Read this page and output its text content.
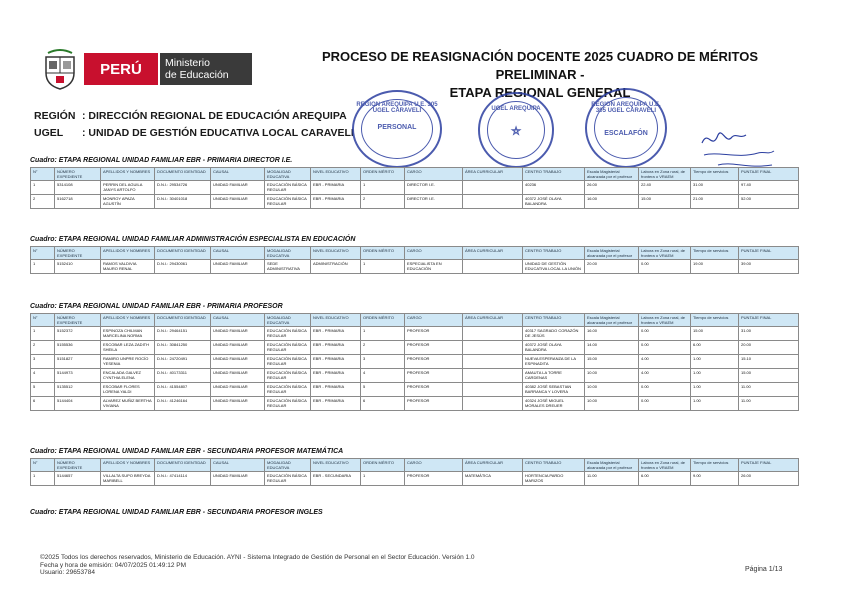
PERÚ	Ministerio
de Educación
PROCESO DE REASIGNACIÓN DOCENTE 2025 CUADRO DE MÉRITOS PRELIMINAR -
ETAPA REGIONAL GENERAL
REGIÓN : DIRECCIÓN REGIONAL DE EDUCACIÓN AREQUIPA
UGEL : UNIDAD DE GESTIÓN EDUCATIVA LOCAL CARAVELI
REGION AREQUIPA U.E. 305 UGEL CARAVELI
PERSONAL
UGEL AREQUIPA
⛤
REGION AREQUIPA U.E. 305 UGEL CARAVELI
ESCALAFÓN
Cuadro: ETAPA REGIONAL UNIDAD FAMILIAR EBR - PRIMARIA DIRECTOR I.E.
N°	NÚMERO EXPEDIENTE	APELLIDOS Y NOMBRES	DOCUMENTO IDENTIDAD	CAUSAL	MODALIDAD EDUCATIVA	NIVEL EDUCATIVO	ORDEN MÉRITO	CARGO	ÁREA CURRICULAR	CENTRO TRABAJO	Escala Magisterial alcanzada por el profesor	Labora en Zona rural, de frontera o VRAEM	Tiempo de servicios	PUNTAJE FINAL
1	5314108	PERRIN DEL AGUILA JANYS ARTOLFO	D.N.I.: 29534726	UNIDAD FAMILIAR	EDUCACIÓN BÁSICA REGULAR	EBR - PRIMARIA	1	DIRECTOR I.E.		40236	26.00	22.40	31.00	97.40
2	5162718	MONROY APAZA AGUSTÍN	D.N.I.: 30401018	UNIDAD FAMILIAR	EDUCACIÓN BÁSICA REGULAR	EBR - PRIMARIA	2	DIRECTOR I.E.		40372 JOSÉ OLAYA BALANDRA	16.00	15.00	21.00	52.00
Cuadro: ETAPA REGIONAL UNIDAD FAMILIAR ADMINISTRACIÓN ESPECIALISTA EN EDUCACIÓN
N°	NÚMERO EXPEDIENTE	APELLIDOS Y NOMBRES	DOCUMENTO IDENTIDAD	CAUSAL	MODALIDAD EDUCATIVA	NIVEL EDUCATIVO	ORDEN MÉRITO	CARGO	ÁREA CURRICULAR	CENTRO TRABAJO	Escala Magisterial alcanzada por el profesor	Labora en Zona rural, de frontera o VRAEM	Tiempo de servicios	PUNTAJE FINAL
1	5152410	RAMOS VALDIVIA MAURO RENAL	D.N.I.: 29430061	UNIDAD FAMILIAR	SEDE ADMINISTRATIVA	ADMINISTRACIÓN	1	ESPECIALISTA EN EDUCACIÓN		UNIDAD DE GESTIÓN EDUCATIVA LOCAL LA UNIÓN	20.00	0.00	19.00	39.00
Cuadro: ETAPA REGIONAL UNIDAD FAMILIAR EBR - PRIMARIA PROFESOR
N°	NÚMERO EXPEDIENTE	APELLIDOS Y NOMBRES	DOCUMENTO IDENTIDAD	CAUSAL	MODALIDAD EDUCATIVA	NIVEL EDUCATIVO	ORDEN MÉRITO	CARGO	ÁREA CURRICULAR	CENTRO TRABAJO	Escala Magisterial alcanzada por el profesor	Labora en Zona rural, de frontera o VRAEM	Tiempo de servicios	PUNTAJE FINAL
1	5152372	ESPINOZA CHILMAN MARCELINA NORMA	D.N.I.: 29464151	UNIDAD FAMILIAR	EDUCACIÓN BÁSICA REGULAR	EBR - PRIMARIA	1	PROFESOR		40317 SAGRADO CORAZÓN DE JESÚS	16.00	0.00	15.00	31.00
2	5155536	ESCOBAR LEZA ZADITH SHEILA	D.N.I.: 30841250	UNIDAD FAMILIAR	EDUCACIÓN BÁSICA REGULAR	EBR - PRIMARIA	2	PROFESOR		40372 JOSÉ OLAYA BALANDRA	14.00	0.00	6.00	20.00
3	5151827	RAMIRO UNPRE ROCÍO YESENIA	D.N.I.: 24720491	UNIDAD FAMILIAR	EDUCACIÓN BÁSICA REGULAR	EBR - PRIMARIA	3	PROFESOR		NUEVA ESPERANZA DE LA ESPINADITA	15.00	4.00	1.00	15.10
4	5144973	ENCALADA GALVEZ CYNTHIA ELENA	D.N.I.: 40173311	UNIDAD FAMILIAR	EDUCACIÓN BÁSICA REGULAR	EBR - PRIMARIA	4	PROFESOR		AMAUTA LA TORRE CARDENAS	10.00	4.00	1.00	15.00
5	5135512	ESCOBAR FLORES LORENA YALDI	D.N.I.: 41554807	UNIDAD FAMILIAR	EDUCACIÓN BÁSICA REGULAR	EBR - PRIMARIA	5	PROFESOR		40382 JOSÉ SEBASTIAN BARRANCA Y LOVERA	10.00	0.00	1.00	11.00
6	5144404	ALVAREZ MUÑIZ BERTHA VIVIANA	D.N.I.: 41246164	UNIDAD FAMILIAR	EDUCACIÓN BÁSICA REGULAR	EBR - PRIMARIA	6	PROFESOR		40324 JOSÉ MIGUEL MORALES DREUER	10.00	0.00	1.00	11.00
Cuadro: ETAPA REGIONAL UNIDAD FAMILIAR EBR - SECUNDARIA PROFESOR MATEMÁTICA
N°	NÚMERO EXPEDIENTE	APELLIDOS Y NOMBRES	DOCUMENTO IDENTIDAD	CAUSAL	MODALIDAD EDUCATIVA	NIVEL EDUCATIVO	ORDEN MÉRITO	CARGO	ÁREA CURRICULAR	CENTRO TRABAJO	Escala Magisterial alcanzada por el profesor	Labora en Zona rural, de frontera o VRAEM	Tiempo de servicios	PUNTAJE FINAL
1	5144657	VILLALTA SUPO BREYDA MARIBELL	D.N.I.: 47414114	UNIDAD FAMILIAR	EDUCACIÓN BÁSICA REGULAR	EBR - SECUNDARIA	1	PROFESOR	MATEMÁTICA	HORTENCIA PARDO MARIZOS	11.00	6.00	9.00	26.00
Cuadro: ETAPA REGIONAL UNIDAD FAMILIAR EBR - SECUNDARIA PROFESOR INGLES
©2025 Todos los derechos reservados, Ministerio de Educación. AYNI - Sistema Integrado de Gestión de Personal en el Sector Educación. Versión 1.0
Fecha y hora de emisión: 04/07/2025 01:49:12 PM
Usuario: 29653784	Página 1/13
